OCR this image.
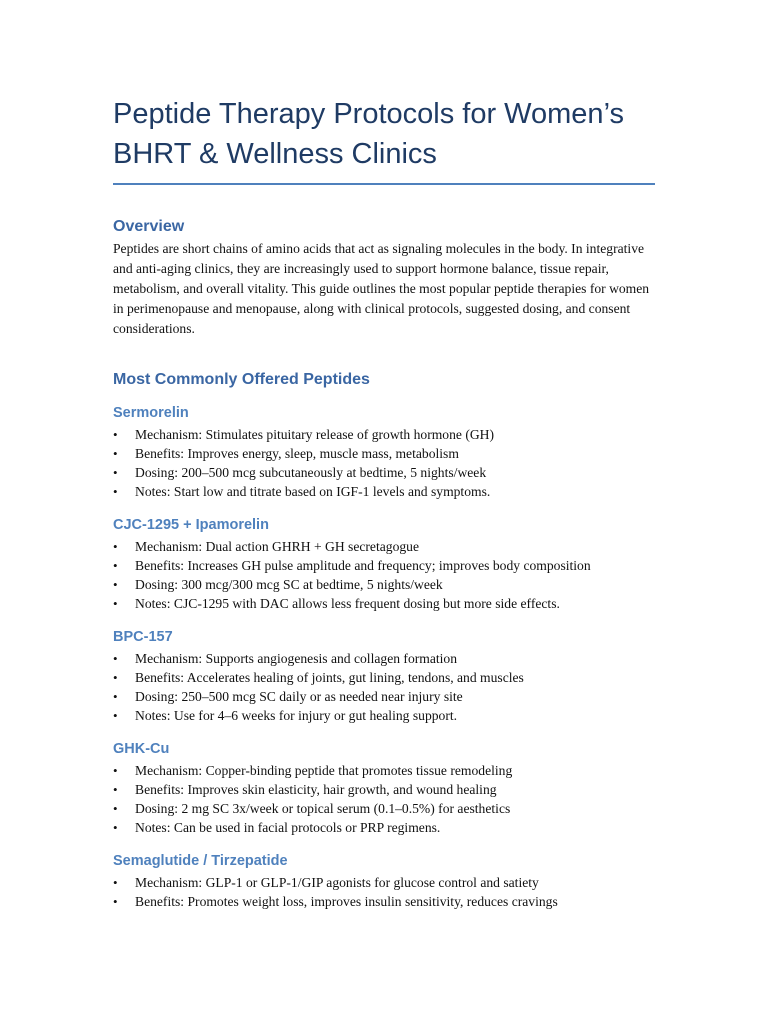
Peptide Therapy Protocols for Women’s
BHRT & Wellness Clinics
Overview

Peptides are short chains of amino acids that act as signaling molecules in the body. In integrative and anti-aging clinics, they are increasingly used to support hormone balance, tissue repair, metabolism, and overall vitality. This guide outlines the most popular peptide therapies for women in perimenopause and menopause, along with clinical protocols, suggested dosing, and consent considerations.

Most Commonly Offered Peptides
Sermorelin
• Mechanism: Stimulates pituitary release of growth hormone (GH)
• Benefits: Improves energy, sleep, muscle mass, metabolism
• Dosing: 200–500 mcg subcutaneously at bedtime, 5 nights/week
• Notes: Start low and titrate based on IGF-1 levels and symptoms.
CJC-1295 + Ipamorelin
• Mechanism: Dual action GHRH + GH secretagogue
• Benefits: Increases GH pulse amplitude and frequency; improves body composition
• Dosing: 300 mcg/300 mcg SC at bedtime, 5 nights/week
• Notes: CJC-1295 with DAC allows less frequent dosing but more side effects.
BPC-157
• Mechanism: Supports angiogenesis and collagen formation
• Benefits: Accelerates healing of joints, gut lining, tendons, and muscles
• Dosing: 250–500 mcg SC daily or as needed near injury site
• Notes: Use for 4–6 weeks for injury or gut healing support.
GHK-Cu
• Mechanism: Copper-binding peptide that promotes tissue remodeling
• Benefits: Improves skin elasticity, hair growth, and wound healing
• Dosing: 2 mg SC 3x/week or topical serum (0.1–0.5%) for aesthetics
• Notes: Can be used in facial protocols or PRP regimens.
Semaglutide / Tirzepatide
• Mechanism: GLP-1 or GLP-1/GIP agonists for glucose control and satiety
• Benefits: Promotes weight loss, improves insulin sensitivity, reduces cravings
